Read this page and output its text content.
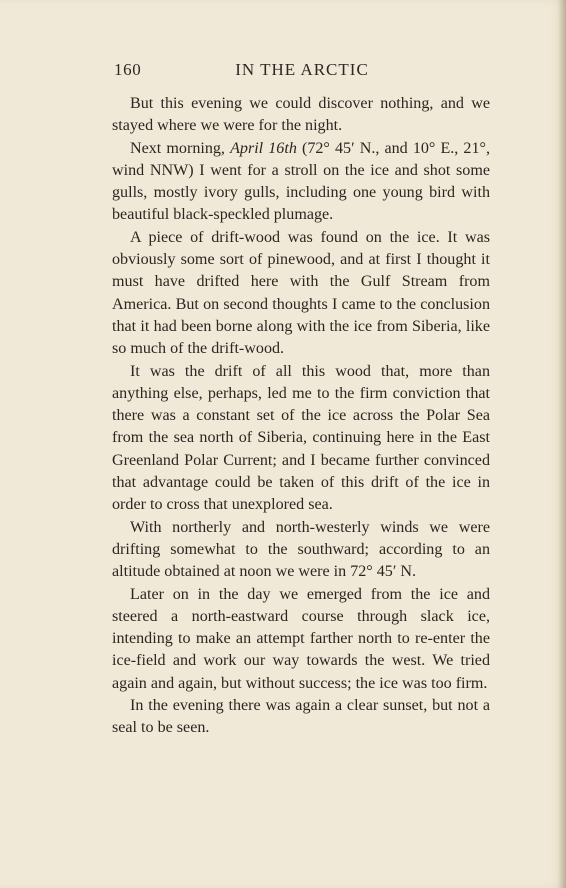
160	IN THE ARCTIC

But this evening we could discover nothing, and we stayed where we were for the night.

Next morning, April 16th (72° 45′ N., and 10° E., 21°, wind NNW) I went for a stroll on the ice and shot some gulls, mostly ivory gulls, including one young bird with beautiful black-speckled plumage.

A piece of drift-wood was found on the ice. It was obviously some sort of pinewood, and at first I thought it must have drifted here with the Gulf Stream from America. But on second thoughts I came to the conclusion that it had been borne along with the ice from Siberia, like so much of the drift-wood.

It was the drift of all this wood that, more than anything else, perhaps, led me to the firm conviction that there was a constant set of the ice across the Polar Sea from the sea north of Siberia, continuing here in the East Greenland Polar Current; and I became further convinced that advantage could be taken of this drift of the ice in order to cross that unexplored sea.

With northerly and north-westerly winds we were drifting somewhat to the southward; according to an altitude obtained at noon we were in 72° 45′ N.

Later on in the day we emerged from the ice and steered a north-eastward course through slack ice, intending to make an attempt farther north to re-enter the ice-field and work our way towards the west. We tried again and again, but without success; the ice was too firm.

In the evening there was again a clear sunset, but not a seal to be seen.
